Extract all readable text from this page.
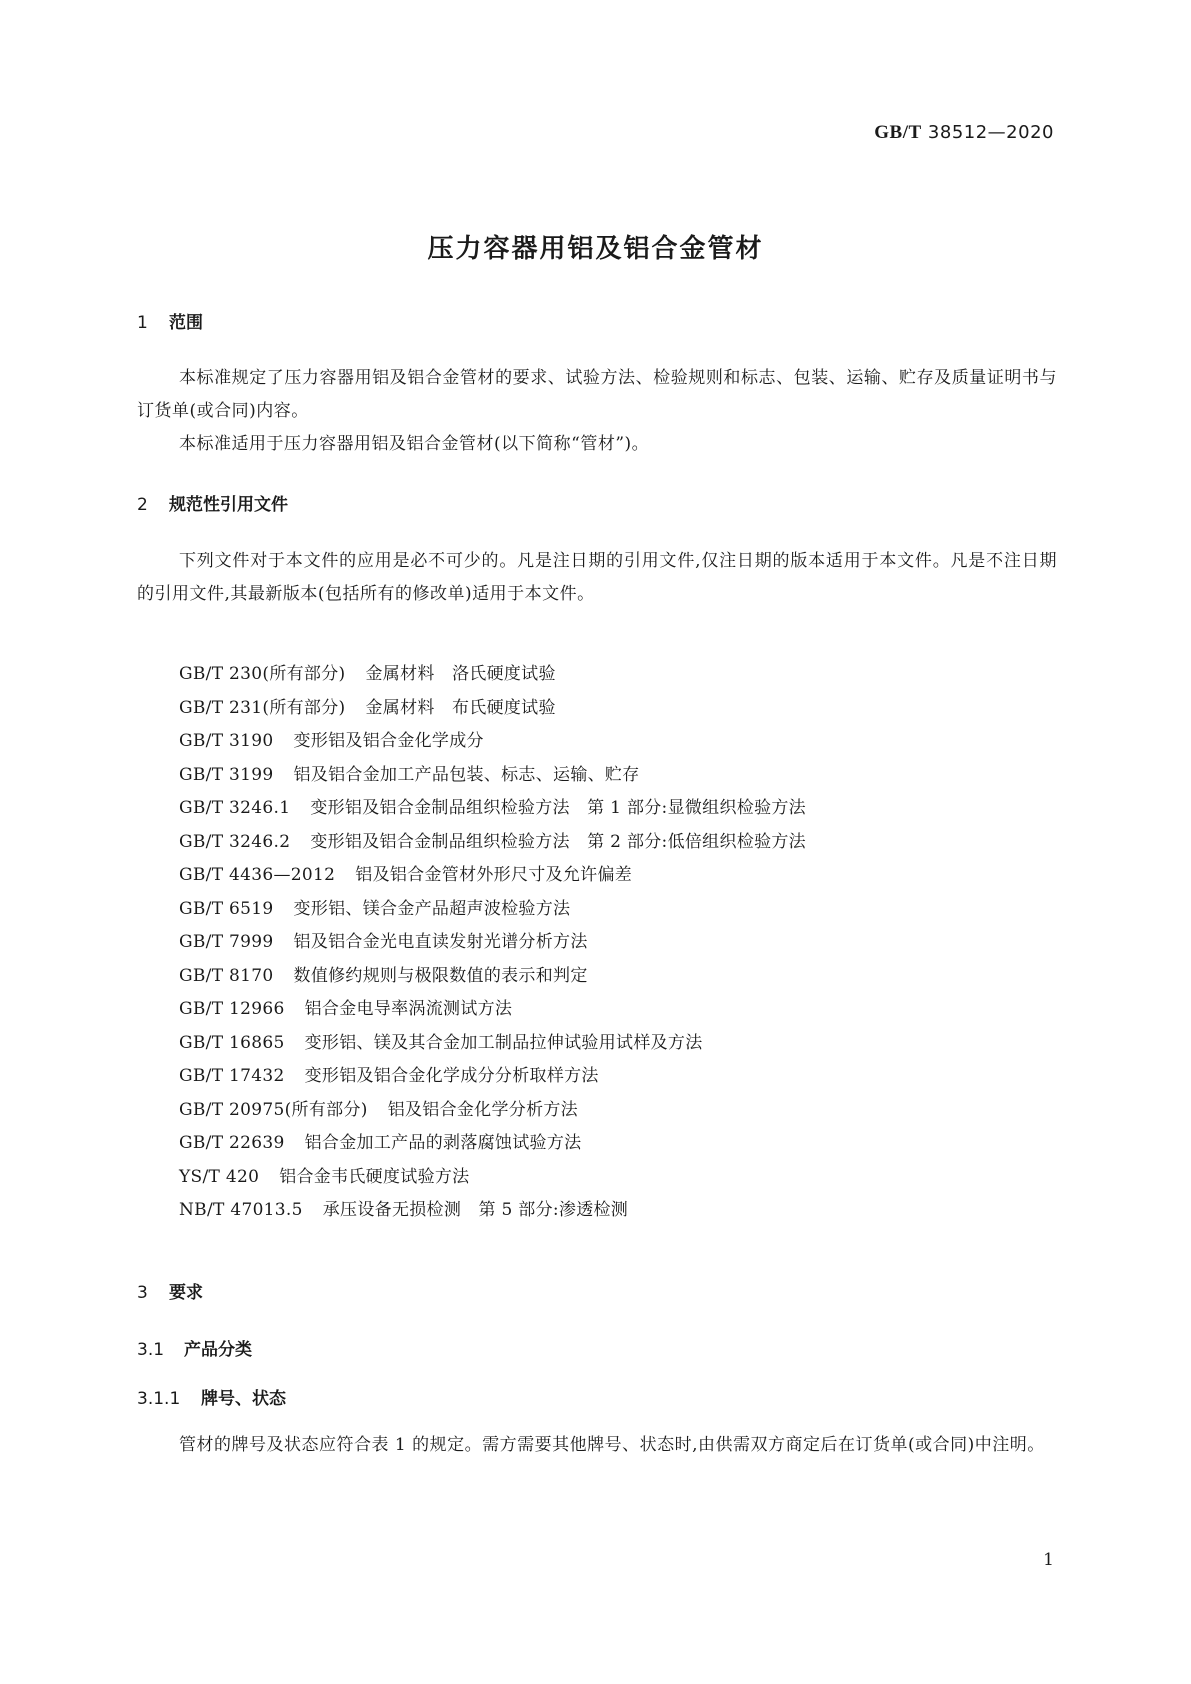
GB/T 38512—2020
压力容器用铝及铝合金管材
1 范围
本标准规定了压力容器用铝及铝合金管材的要求、试验方法、检验规则和标志、包装、运输、贮存及质量证明书与订货单(或合同)内容。
本标准适用于压力容器用铝及铝合金管材(以下简称“管材”)。
2 规范性引用文件
下列文件对于本文件的应用是必不可少的。凡是注日期的引用文件,仅注日期的版本适用于本文件。凡是不注日期的引用文件,其最新版本(包括所有的修改单)适用于本文件。
GB/T 230(所有部分) 金属材料　洛氏硬度试验
GB/T 231(所有部分) 金属材料　布氏硬度试验
GB/T 3190 变形铝及铝合金化学成分
GB/T 3199 铝及铝合金加工产品包装、标志、运输、贮存
GB/T 3246.1 变形铝及铝合金制品组织检验方法　第 1 部分:显微组织检验方法
GB/T 3246.2 变形铝及铝合金制品组织检验方法　第 2 部分:低倍组织检验方法
GB/T 4436—2012 铝及铝合金管材外形尺寸及允许偏差
GB/T 6519 变形铝、镁合金产品超声波检验方法
GB/T 7999 铝及铝合金光电直读发射光谱分析方法
GB/T 8170 数值修约规则与极限数值的表示和判定
GB/T 12966 铝合金电导率涡流测试方法
GB/T 16865 变形铝、镁及其合金加工制品拉伸试验用试样及方法
GB/T 17432 变形铝及铝合金化学成分分析取样方法
GB/T 20975(所有部分) 铝及铝合金化学分析方法
GB/T 22639 铝合金加工产品的剥落腐蚀试验方法
YS/T 420 铝合金韦氏硬度试验方法
NB/T 47013.5 承压设备无损检测　第 5 部分:渗透检测
3 要求
3.1 产品分类
3.1.1 牌号、状态
管材的牌号及状态应符合表 1 的规定。需方需要其他牌号、状态时,由供需双方商定后在订货单(或合同)中注明。
1
